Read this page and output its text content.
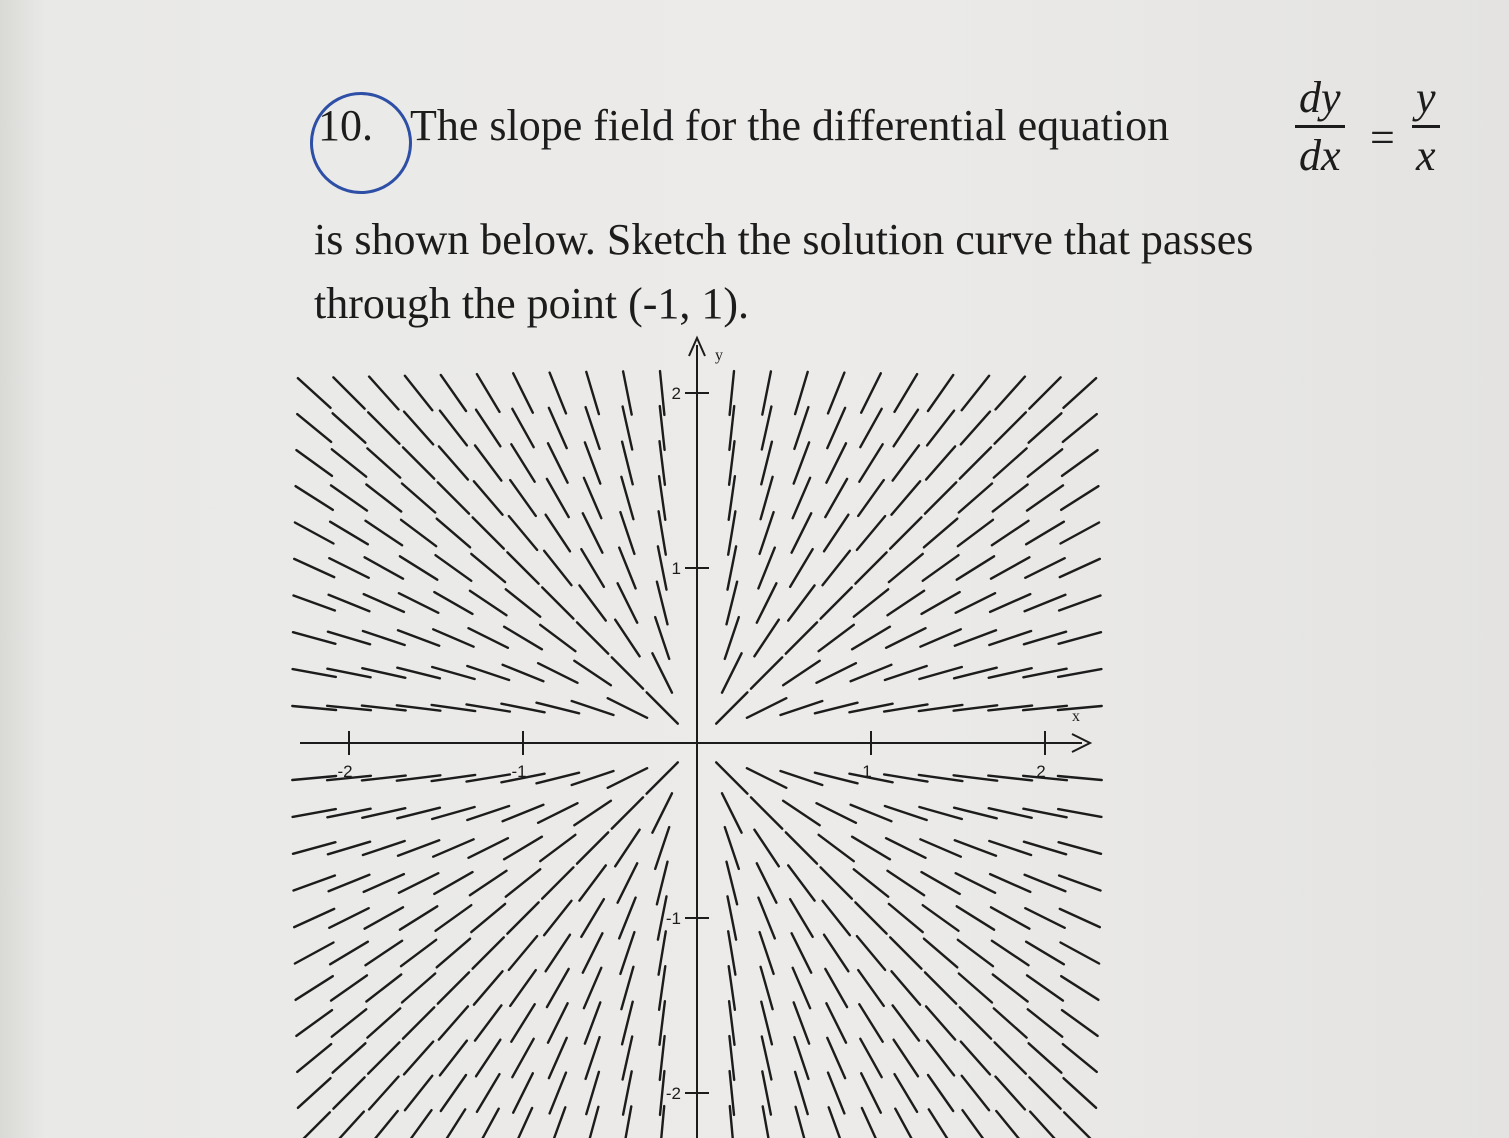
10. The slope field for the differential equation	$\frac{dy}{dx} = \frac{y}{x}$
is shown below. Sketch the solution curve that passes
through the point (-1, 1).
-2	-1	1	2
2
1
-1
-2
x
y
